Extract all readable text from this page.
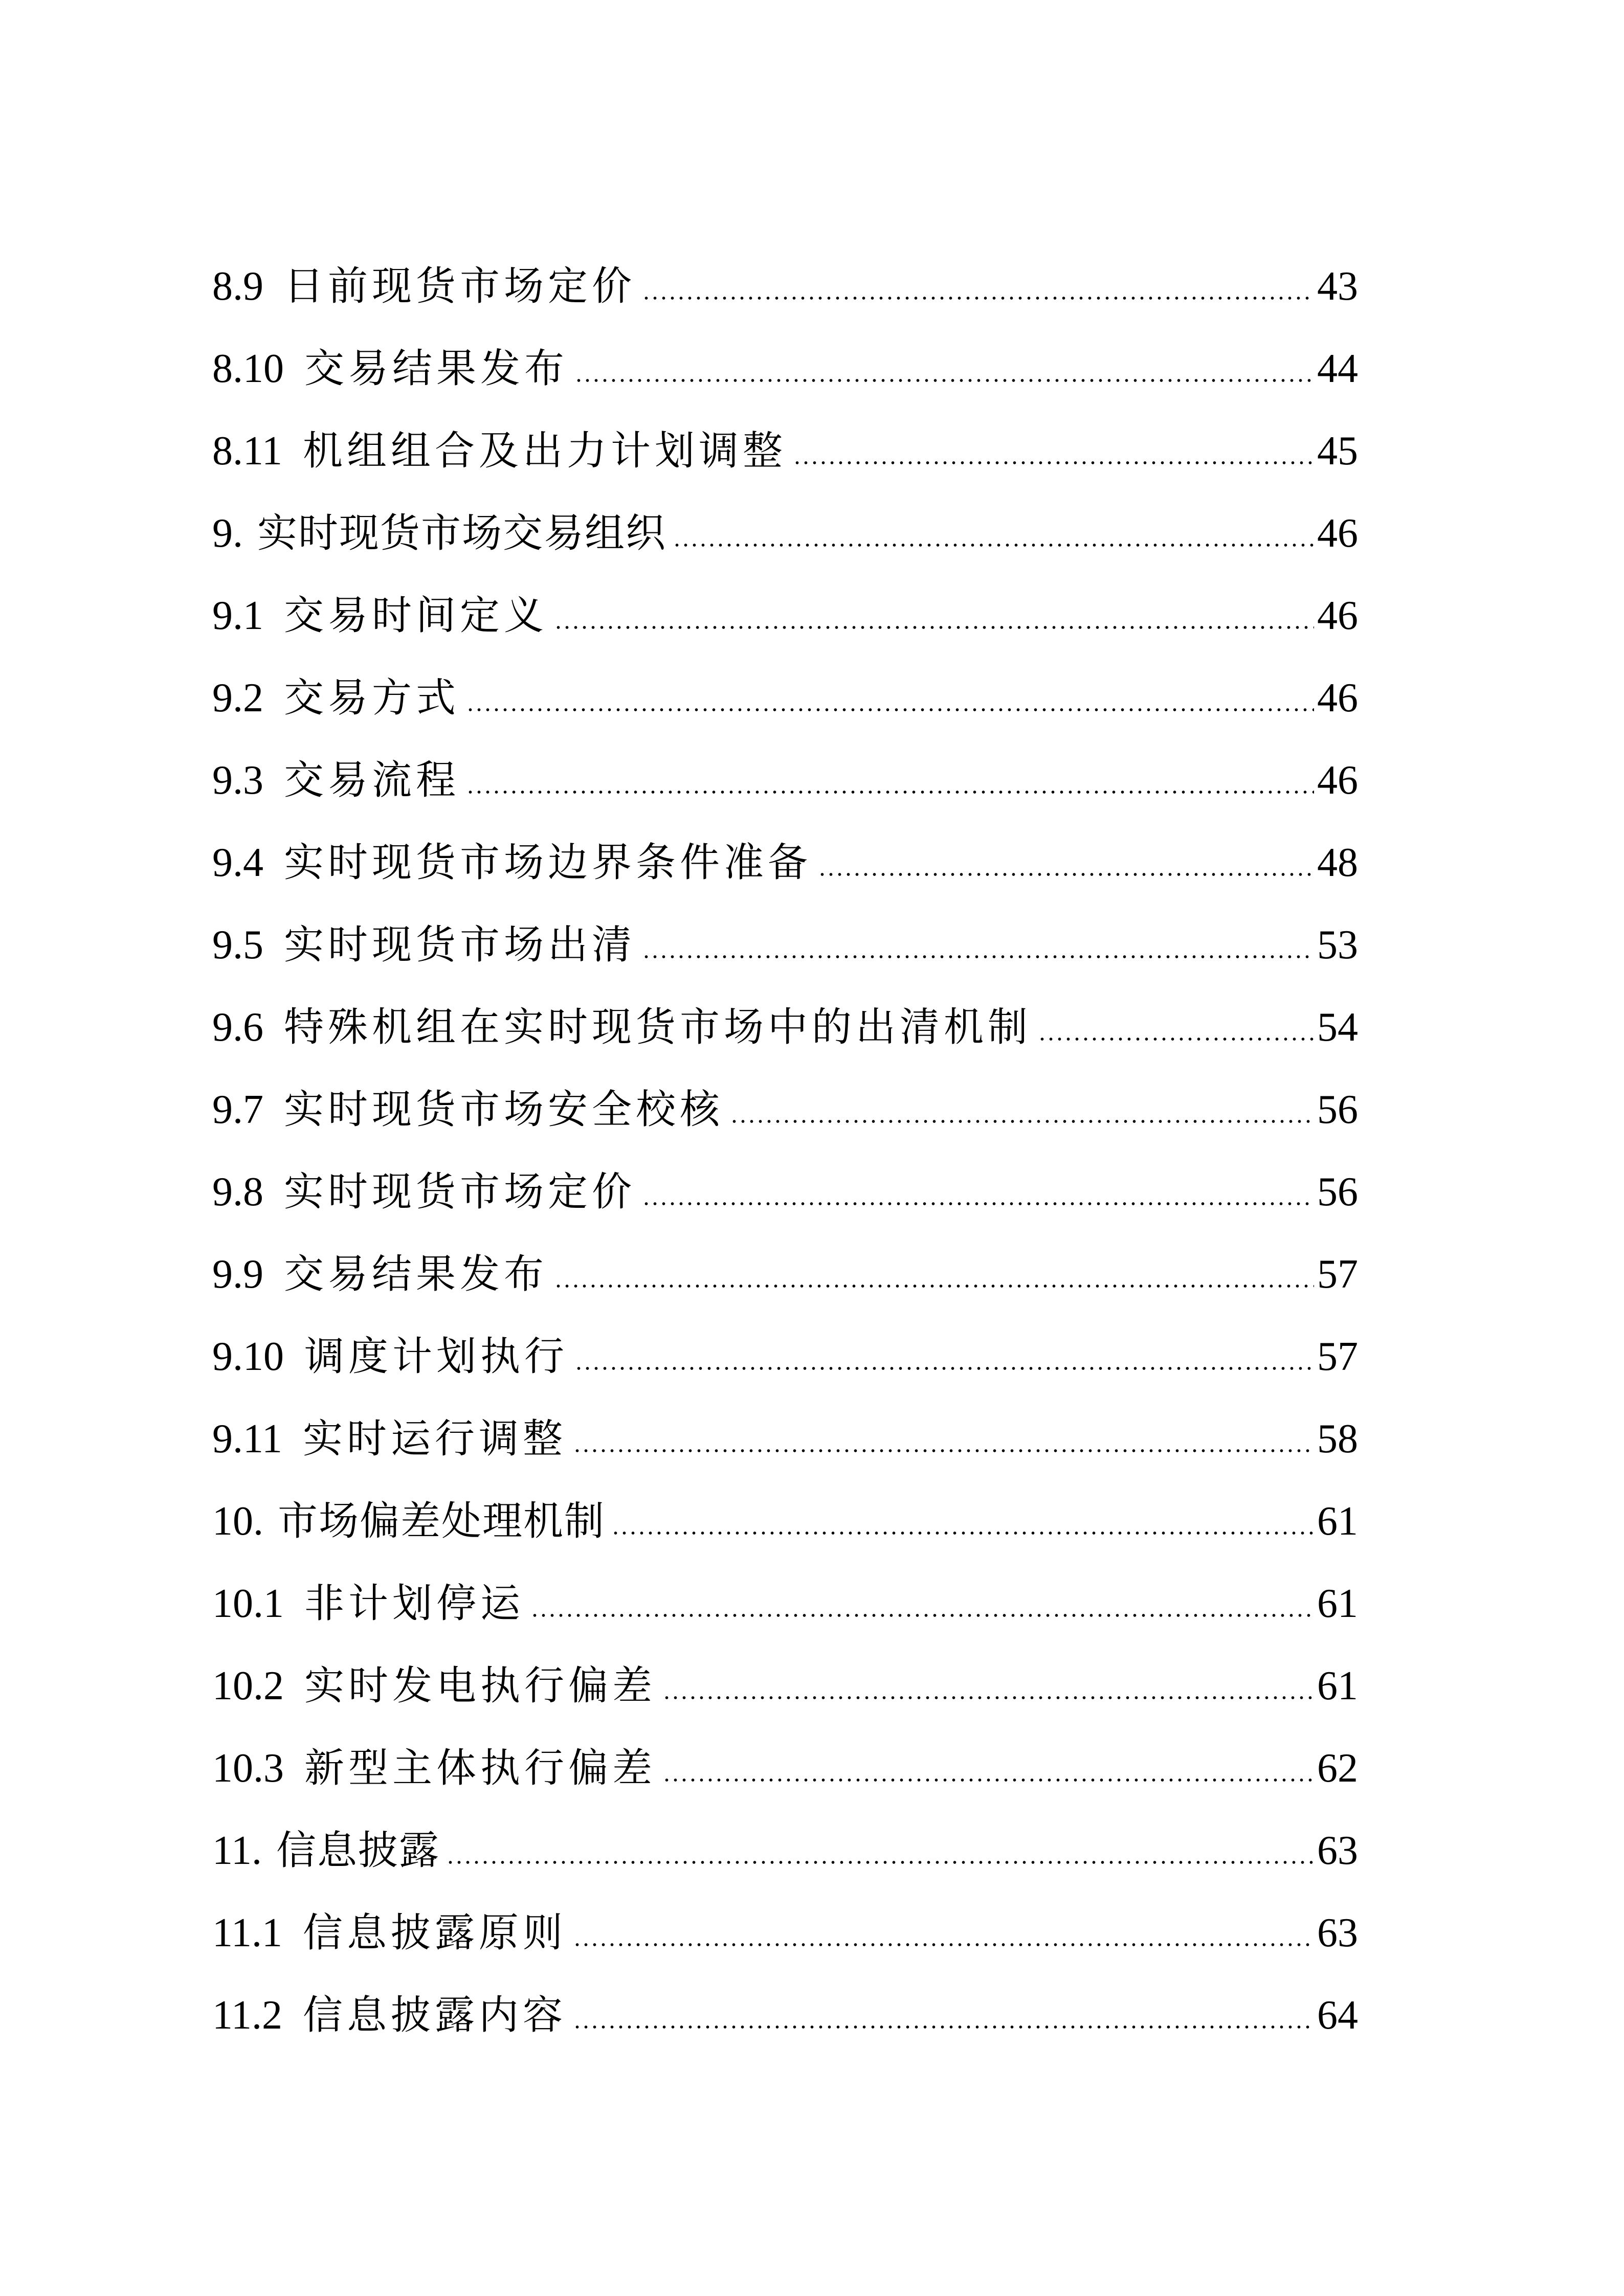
8.9 日前现货市场定价	43
8.10 交易结果发布	44
8.11 机组组合及出力计划调整	45
9. 实时现货市场交易组织	46
9.1 交易时间定义	46
9.2 交易方式	46
9.3 交易流程	46
9.4 实时现货市场边界条件准备	48
9.5 实时现货市场出清	53
9.6 特殊机组在实时现货市场中的出清机制	54
9.7 实时现货市场安全校核	56
9.8 实时现货市场定价	56
9.9 交易结果发布	57
9.10 调度计划执行	57
9.11 实时运行调整	58
10. 市场偏差处理机制	61
10.1 非计划停运	61
10.2 实时发电执行偏差	61
10.3 新型主体执行偏差	62
11. 信息披露	63
11.1 信息披露原则	63
11.2 信息披露内容	64
